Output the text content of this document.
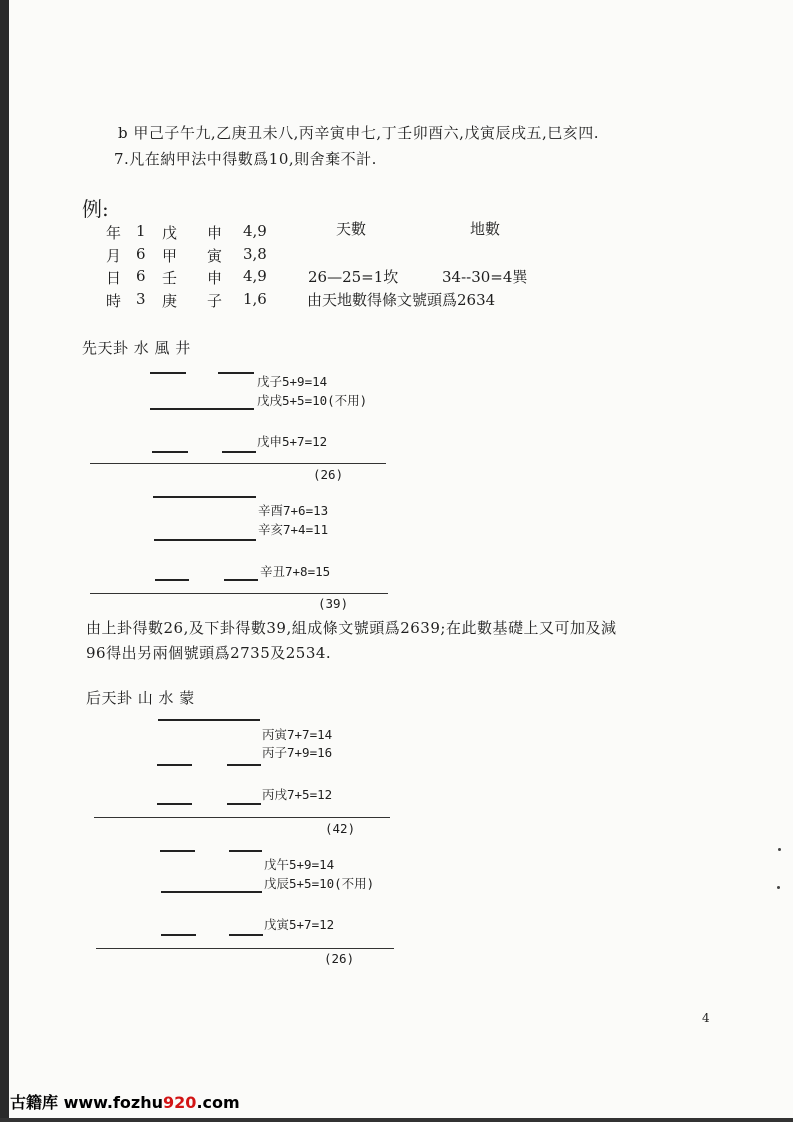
b 甲己子午九,乙庚丑未八,丙辛寅申七,丁壬卯酉六,戊寅辰戌五,巳亥四.
7.凡在納甲法中得數爲10,則舍棄不計.
例:
天數	地數
年 1 戊 申 4,9
月 6 甲 寅 3,8
日 6 壬 申 4,9
時 3 庚 子 1,6
26—25=1坎	34--30=4巽
由天地數得條文號頭爲2634
先天卦 水 風 井
戊子5+9=14
戊戌5+5=10(不用)
戊申5+7=12
(26)
辛酉7+6=13
辛亥7+4=11
辛丑7+8=15
(39)
由上卦得數26,及下卦得數39,組成條文號頭爲2639;在此數基礎上又可加及減
96得出另兩個號頭爲2735及2534.
后天卦 山 水 蒙
丙寅7+7=14
丙子7+9=16
丙戌7+5=12
(42)
戊午5+9=14
戊辰5+5=10(不用)
戊寅5+7=12
(26)
4
古籍库 www.fozhu920.com
